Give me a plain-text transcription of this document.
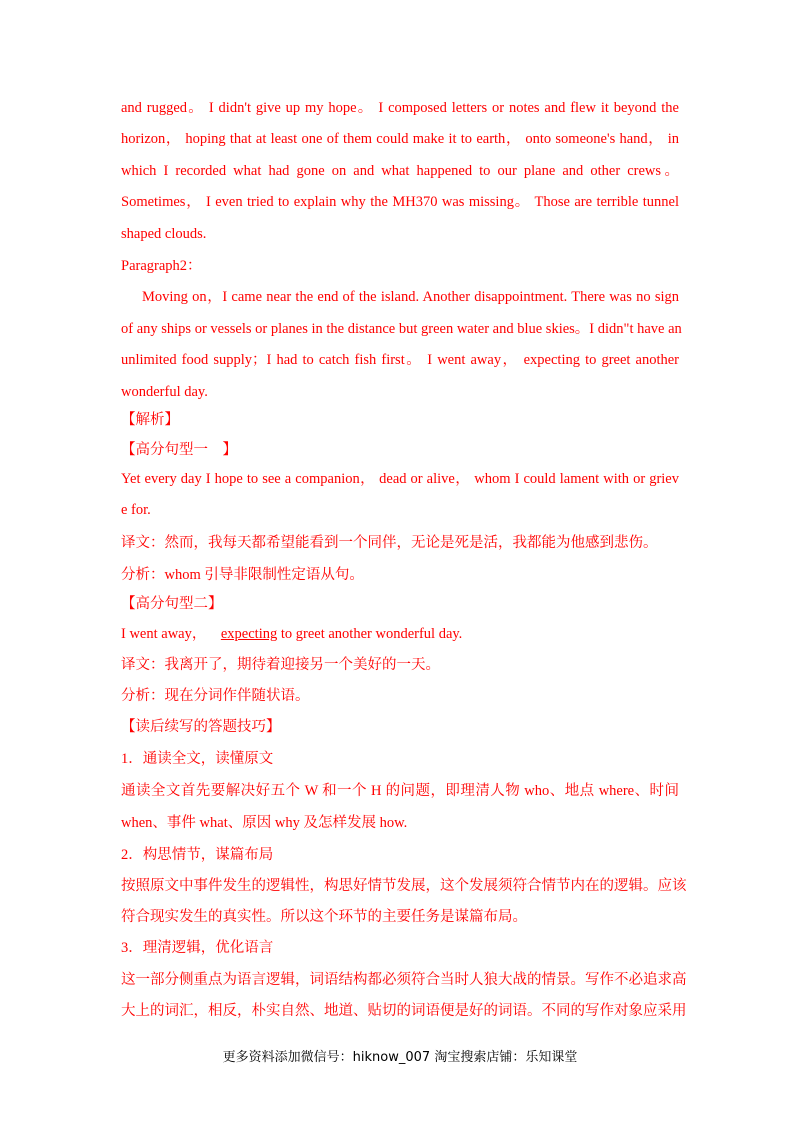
and rugged。 I didn't give up my hope。 I composed letters or notes and flew it beyond the
horizon， hoping that at least one of them could make it to earth， onto someone's hand， in
which I recorded what had gone on and what happened to our plane and other crews。
Sometimes， I even tried to explain why the MH370 was missing。 Those are terrible tunnel
shaped clouds.
Paragraph2：
Moving on，I came near the end of the island. Another disappointment. There was no sign
of any ships or vessels or planes in the distance but green water and blue skies。I didn"t have an
unlimited food supply；I had to catch fish first。 I went away， expecting to greet another
wonderful day.
【解析】
【高分句型一　】
Yet every day I hope to see a companion， dead or alive， whom I could lament with or griev
e for.
译文：然而，我每天都希望能看到一个同伴，无论是死是活，我都能为他感到悲伤。
分析：whom 引导非限制性定语从句。
【高分句型二】
I went away，    expecting to greet another wonderful day.
译文：我离开了，期待着迎接另一个美好的一天。
分析：现在分词作伴随状语。
【读后续写的答题技巧】
1．通读全文，读懂原文
通读全文首先要解决好五个 W 和一个 H 的问题，即理清人物 who、地点 where、时间
when、事件 what、原因 why 及怎样发展 how.
2．构思情节，谋篇布局
按照原文中事件发生的逻辑性，构思好情节发展，这个发展须符合情节内在的逻辑。应该
符合现实发生的真实性。所以这个环节的主要任务是谋篇布局。
3．理清逻辑，优化语言
这一部分侧重点为语言逻辑，词语结构都必须符合当时人狼大战的情景。写作不必追求高
大上的词汇，相反，朴实自然、地道、贴切的词语便是好的词语。不同的写作对象应采用
更多资料添加微信号：hiknow_007 淘宝搜索店铺：乐知课堂
